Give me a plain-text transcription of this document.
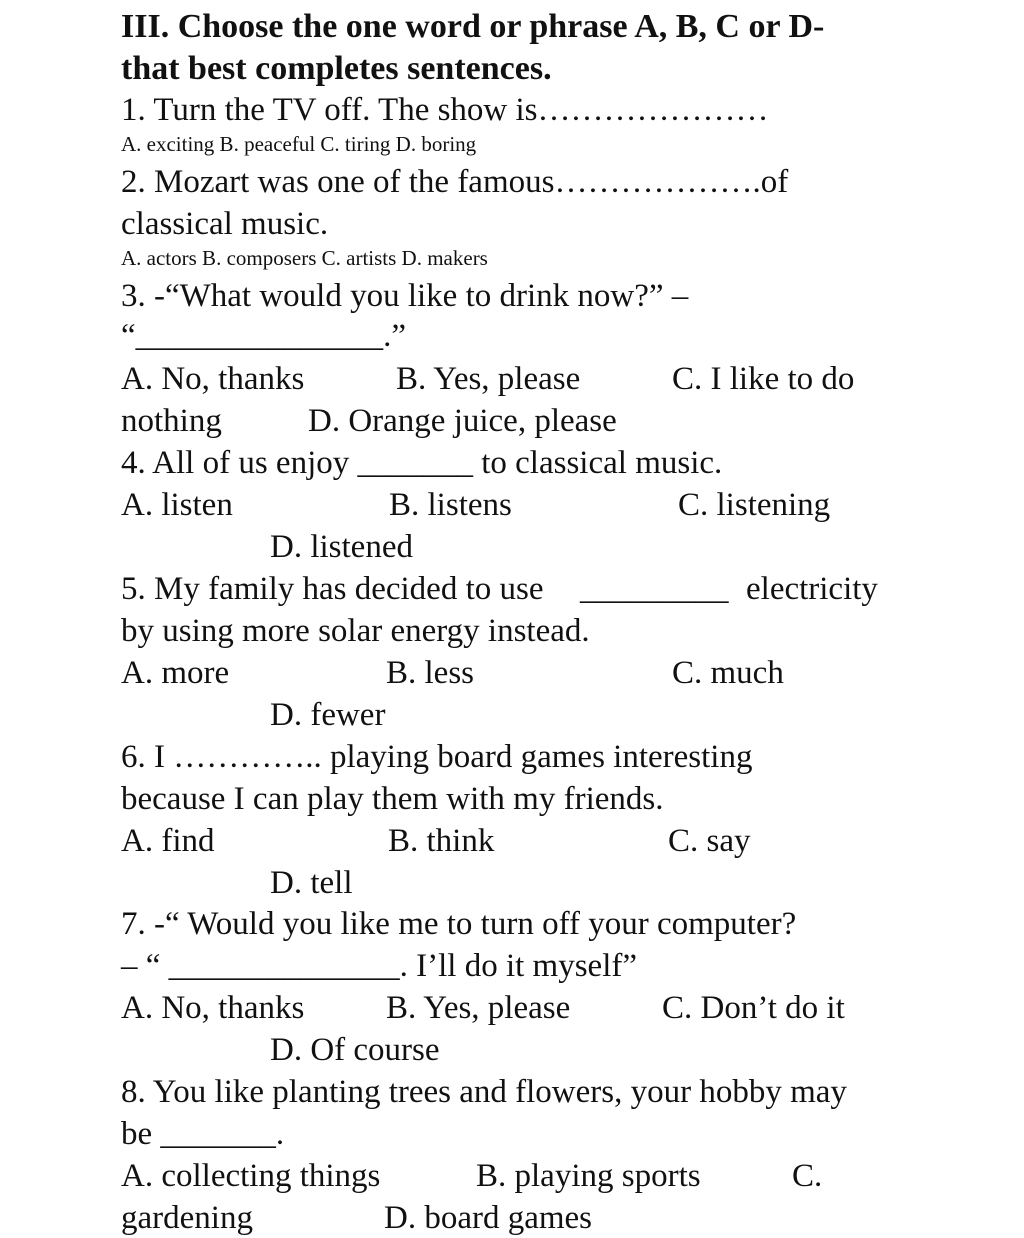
III. Choose the one word or phrase A, B, C or D-
that best completes sentences.
1. Turn the TV off. The show is…………………
A. exciting B. peaceful C. tiring D. boring
2. Mozart was one of the famous……………….of
classical music.
A. actors B. composers C. artists D. makers
3. -“What would you like to drink now?” –
“_______________.”
A. No, thanks	B. Yes, please	C. I like to do
nothing	D. Orange juice, please
4. All of us enjoy _______ to classical music.
A. listen	B. listens	C. listening
D. listened
5. My family has decided to use _________ electricity
by using more solar energy instead.
A. more	B. less	C. much
D. fewer
6. I ………….. playing board games interesting
because I can play them with my friends.
A. find	B. think	C. say
D. tell
7. -“ Would you like me to turn off your computer?
– “ ______________. I’ll do it myself”
A. No, thanks B. Yes, please	C. Don’t do it
D. Of course
8. You like planting trees and flowers, your hobby may
be _______.
A. collecting things	B. playing sports	C.
gardening	D. board games
